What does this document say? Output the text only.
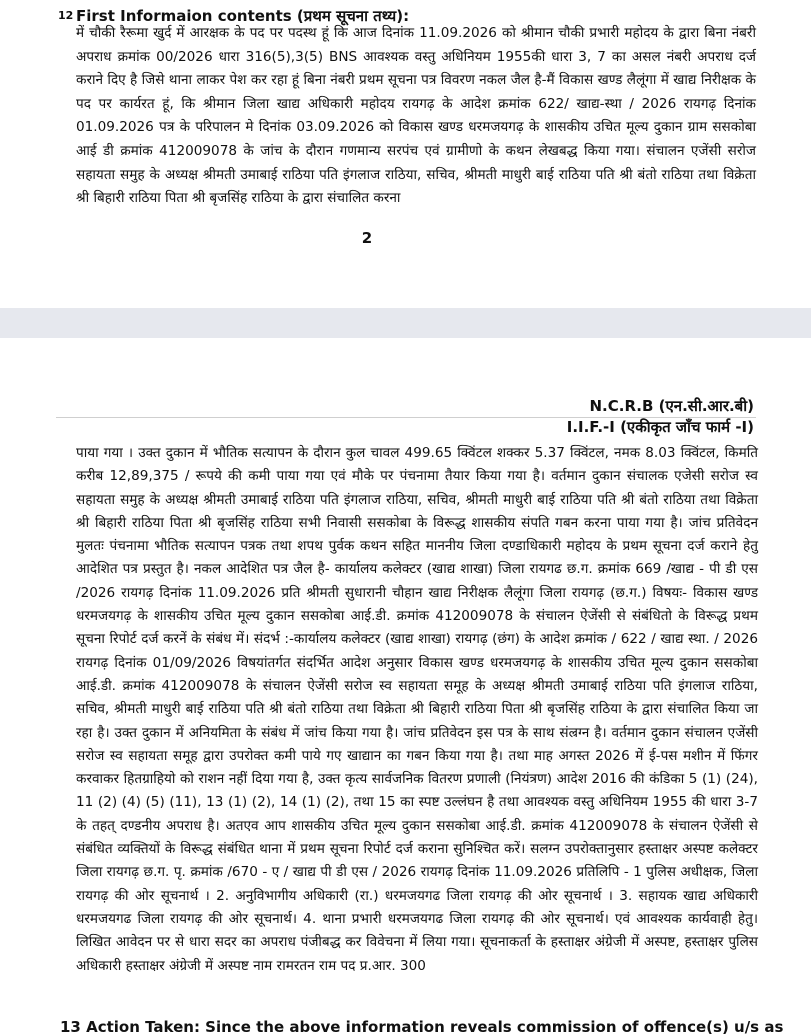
12 First Informaion contents (प्रथम सूचना तथ्य):

में चौकी रैरूमा खुर्द में आरक्षक के पद पर पदस्थ हूं कि आज दिनांक 11.09.2026 को श्रीमान चौकी प्रभारी महोदय के द्वारा बिना नंबरी अपराध क्रमांक 00/2026 धारा 316(5),3(5) BNS आवश्यक वस्तु अधिनियम 1955की धारा 3, 7 का असल नंबरी अपराध दर्ज कराने दिए है जिसे थाना लाकर पेश कर रहा हूं बिना नंबरी प्रथम सूचना पत्र विवरण नकल जैल है-मैं विकास खण्ड लैलूंगा में खाद्य निरीक्षक के पद पर कार्यरत हूं, कि श्रीमान जिला खाद्य अधिकारी महोदय रायगढ़ के आदेश क्रमांक 622/ खाद्य-स्था / 2026 रायगढ़ दिनांक 01.09.2026 पत्र के परिपालन मे दिनांक 03.09.2026 को विकास खण्ड धरमजयगढ़ के शासकीय उचित मूल्य दुकान ग्राम ससकोबा आई डी क्रमांक 412009078 के जांच के दौरान गणमान्य सरपंच एवं ग्रामीणो के कथन लेखबद्ध किया गया। संचालन एजेंसी सरोज सहायता समुह के अध्यक्ष श्रीमती उमाबाई राठिया पति इंगलाज राठिया, सचिव, श्रीमती माधुरी बाई राठिया पति श्री बंतो राठिया तथा विक्रेता श्री बिहारी राठिया पिता श्री बृजसिंह राठिया के द्वारा संचालित करना

2
N.C.R.B (एन.सी.आर.बी)
I.I.F.-I (एकीकृत जाँच फार्म -I)

पाया गया । उक्त दुकान में भौतिक सत्यापन के दौरान कुल चावल 499.65 क्विंटल शक्कर 5.37 क्विंटल, नमक 8.03 क्विंटल, किमति करीब 12,89,375 / रूपये की कमी पाया गया एवं मौके पर पंचनामा तैयार किया गया है। वर्तमान दुकान संचालक एजेसी सरोज स्व सहायता समुह के अध्यक्ष श्रीमती उमाबाई राठिया पति इंगलाज राठिया, सचिव, श्रीमती माधुरी बाई राठिया पति श्री बंतो राठिया तथा विक्रेता श्री बिहारी राठिया पिता श्री बृजसिंह राठिया सभी निवासी ससकोबा के विरूद्ध शासकीय संपति गबन करना पाया गया है। जांच प्रतिवेदन मुलतः पंचनामा भौतिक सत्यापन पत्रक तथा शपथ पुर्वक कथन सहित माननीय जिला दण्डाधिकारी महोदय के प्रथम सूचना दर्ज कराने हेतु आदेशित पत्र प्रस्तुत है। नकल आदेशित पत्र जैल है- कार्यालय कलेक्टर (खाद्य शाखा) जिला रायगढ छ.ग. क्रमांक 669 /खाद्य - पी डी एस /2026 रायगढ़ दिनांक 11.09.2026 प्रति श्रीमती सुधारानी चौहान खाद्य निरीक्षक लैलूंगा जिला रायगढ़ (छ.ग.) विषयः- विकास खण्ड धरमजयगढ़ के शासकीय उचित मूल्य दुकान ससकोबा आई.डी. क्रमांक 412009078 के संचालन ऐजेंसी से संबंधितो के विरूद्ध प्रथम सूचना रिपोर्ट दर्ज करनें के संबंध में। संदर्भ :-कार्यालय कलेक्टर (खाद्य शाखा) रायगढ़ (छंग) के आदेश क्रमांक / 622 / खाद्य स्था. / 2026 रायगढ़ दिनांक 01/09/2026 विषयांतर्गत संदर्भित आदेश अनुसार विकास खण्ड धरमजयगढ़ के शासकीय उचित मूल्य दुकान ससकोबा आई.डी. क्रमांक 412009078 के संचालन ऐजेंसी सरोज स्व सहायता समूह के अध्यक्ष श्रीमती उमाबाई राठिया पति इंगलाज राठिया, सचिव, श्रीमती माधुरी बाई राठिया पति श्री बंतो राठिया तथा विक्रेता श्री बिहारी राठिया पिता श्री बृजसिंह राठिया के द्वारा संचालित किया जा रहा है। उक्त दुकान में अनियमिता के संबंध में जांच किया गया है। जांच प्रतिवेदन इस पत्र के साथ संल्रग्न है। वर्तमान दुकान संचालन एजेंसी सरोज स्व सहायता समूह द्वारा उपरोक्त कमी पाये गए खाद्यान का गबन किया गया है। तथा माह अगस्त 2026 में ई-पस मशीन में फिंगर करवाकर हितग्राहियो को राशन नहीं दिया गया है, उक्त कृत्य सार्वजनिक वितरण प्रणाली (नियंत्रण) आदेश 2016 की कंडिका 5 (1) (24), 11 (2) (4) (5) (11), 13 (1) (2), 14 (1) (2), तथा 15 का स्पष्ट उल्लंघन है तथा आवश्यक वस्तु अधिनियम 1955 की धारा 3-7 के तहत् दण्डनीय अपराध है। अतएव आप शासकीय उचित मूल्य दुकान ससकोबा आई.डी. क्रमांक 412009078 के संचालन ऐजेंसी से संबंधित व्यक्तियों के विरूद्ध संबंधित थाना में प्रथम सूचना रिपोर्ट दर्ज कराना सुनिश्चित करें। सलग्न उपरोक्तानुसार हस्ताक्षर अस्पष्ट कलेक्टर जिला रायगढ़ छ.ग. पृ. क्रमांक /670 - ए / खाद्य पी डी एस / 2026 रायगढ़ दिनांक 11.09.2026 प्रतिलिपि - 1 पुलिस अधीक्षक, जिला रायगढ़ की ओर सूचनार्थ । 2. अनुविभागीय अधिकारी (रा.) धरमजयगढ जिला रायगढ़ की ओर सूचनार्थ । 3. सहायक खाद्य अधिकारी धरमजयगढ जिला रायगढ़ की ओर सूचनार्थ। 4. थाना प्रभारी धरमजयगढ जिला रायगढ़ की ओर सूचनार्थ। एवं आवश्यक कार्यवाही हेतु। लिखित आवेदन पर से धारा सदर का अपराध पंजीबद्ध कर विवेचना में लिया गया। सूचनाकर्ता के हस्ताक्षर अंग्रेजी में अस्पष्ट, हस्ताक्षर पुलिस अधिकारी हस्ताक्षर अंग्रेजी में अस्पष्ट नाम रामरतन राम पद प्र.आर. 300

13 Action Taken: Since the above information reveals commission of offence(s) u/s as
